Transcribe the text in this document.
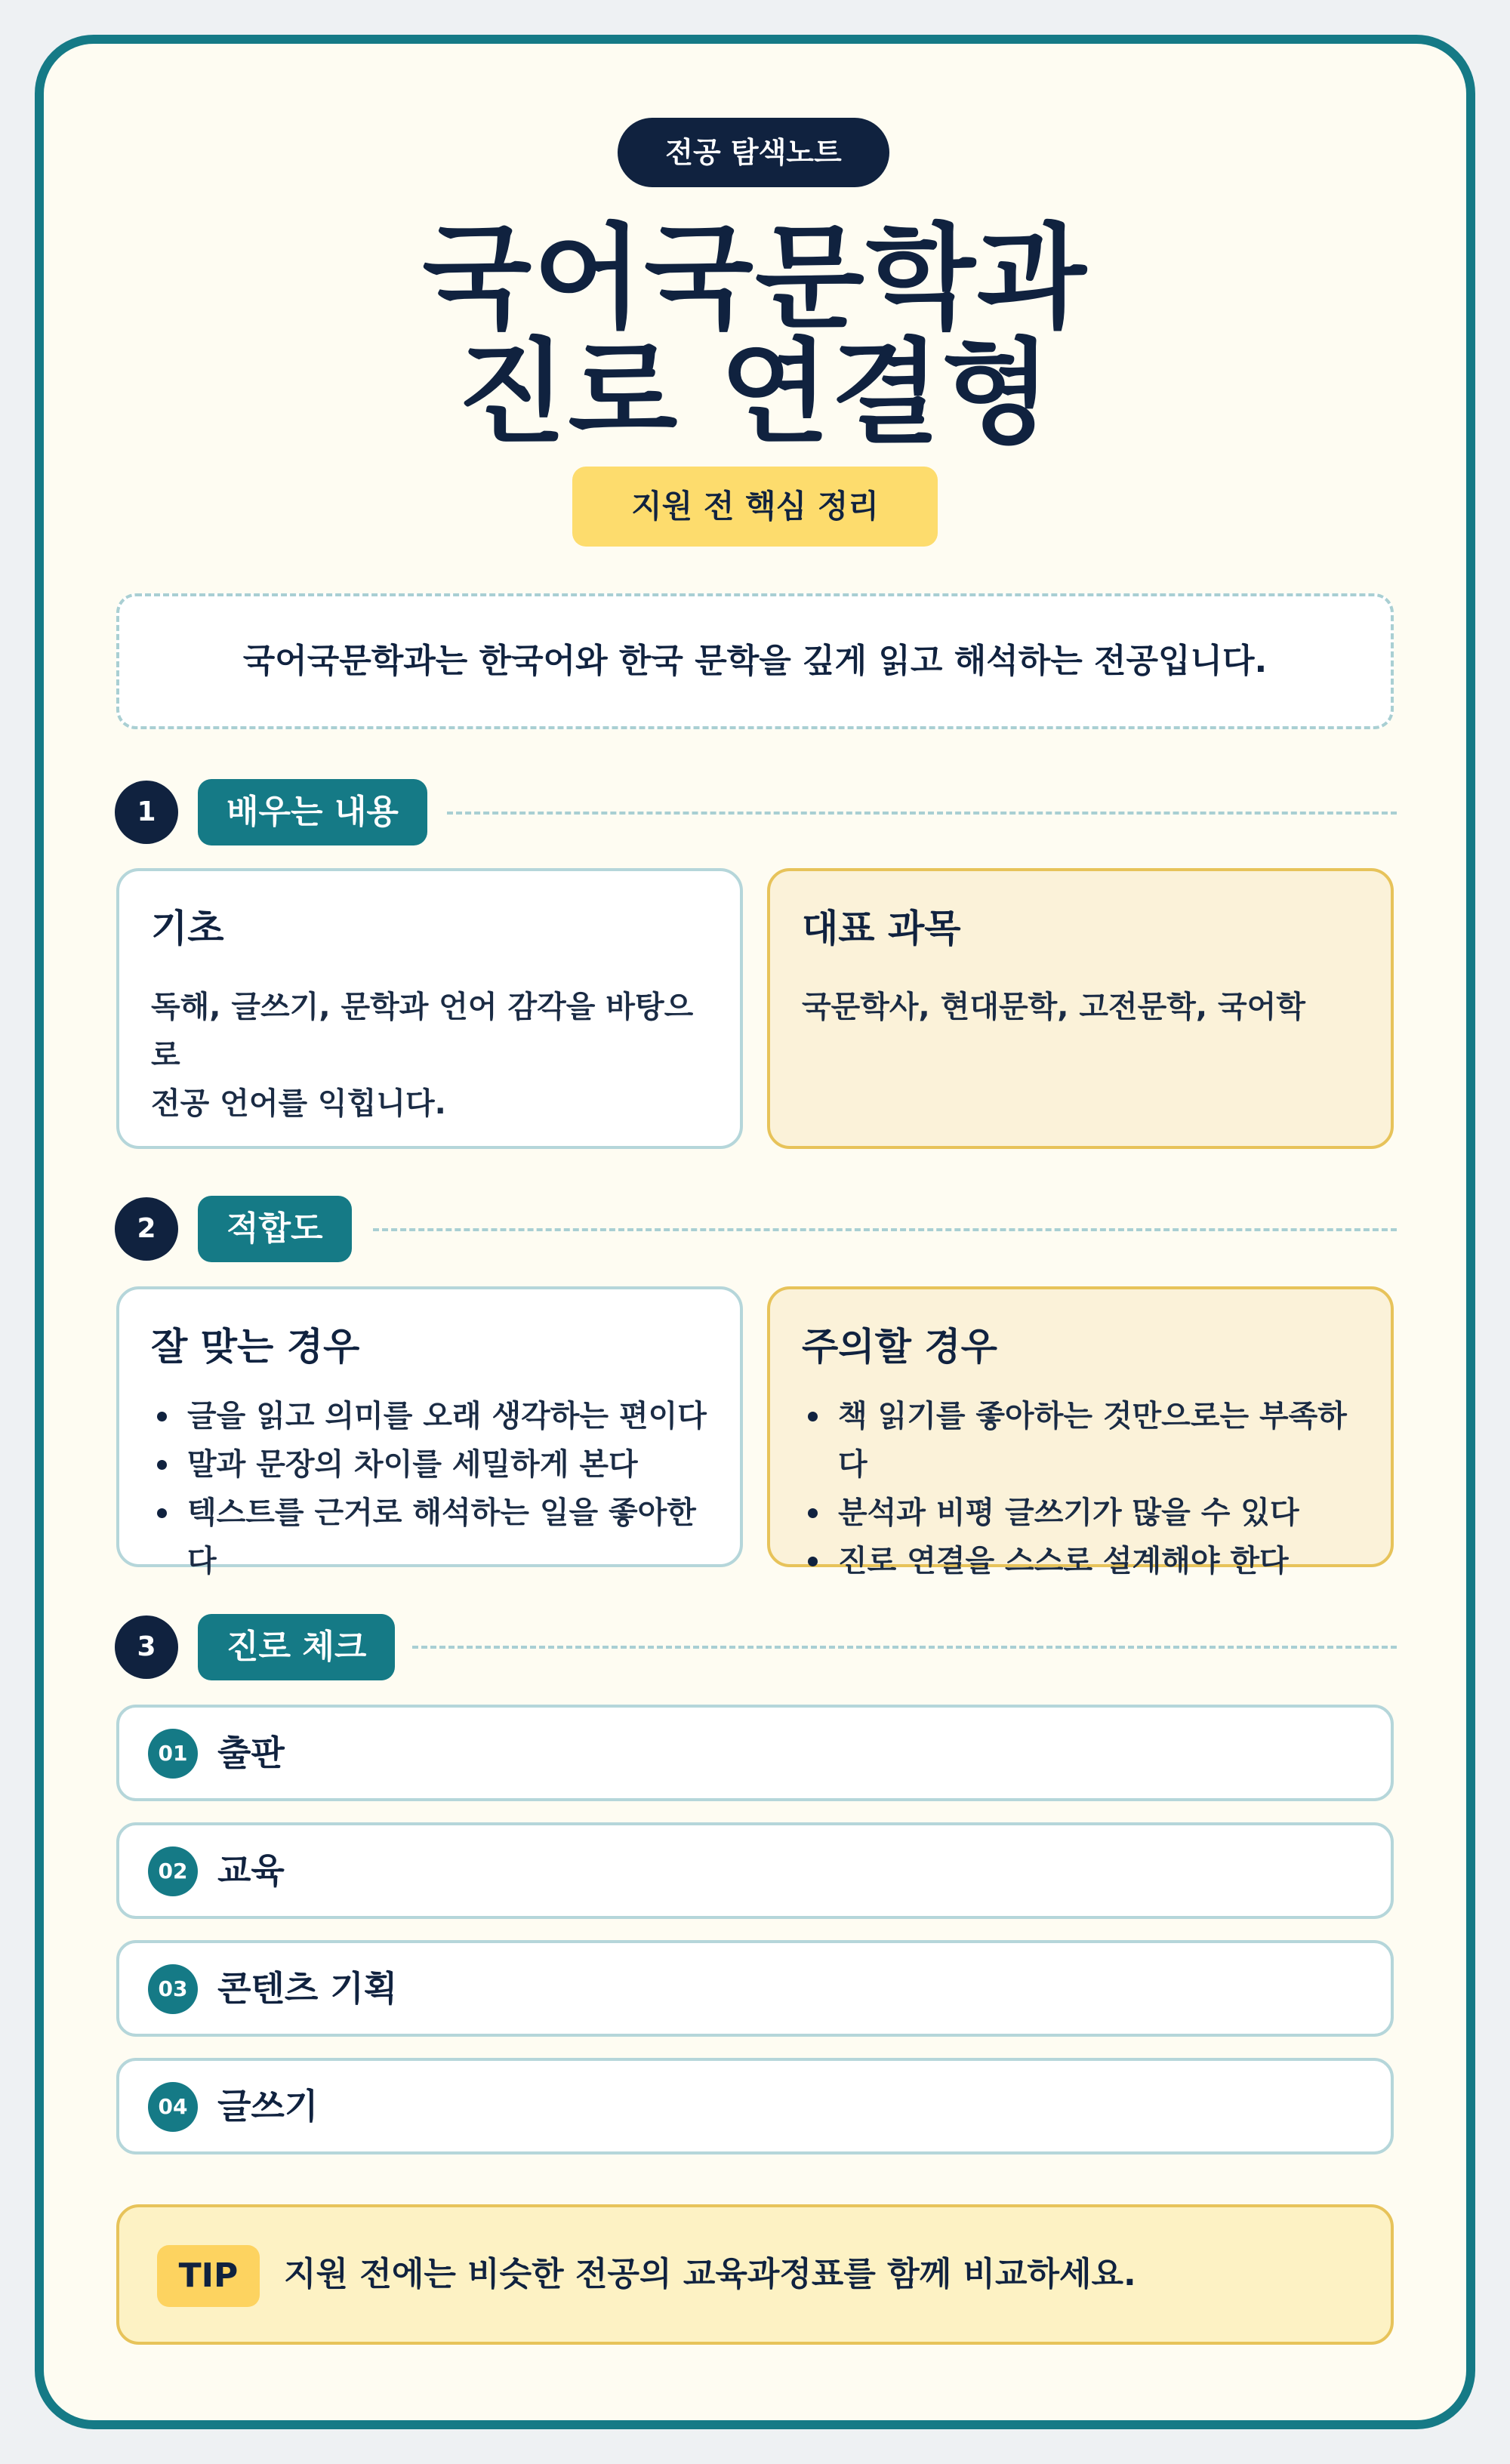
전공 탐색노트
국어국문학과
진로 연결형
지원 전 핵심 정리
국어국문학과는 한국어와 한국 문학을 깊게 읽고 해석하는 전공입니다.
1	배우는 내용
기초
독해, 글쓰기, 문학과 언어 감각을 바탕으로
전공 언어를 익힙니다.
대표 과목
국문학사, 현대문학, 고전문학, 국어학
2	적합도
잘 맞는 경우
글을 읽고 의미를 오래 생각하는 편이다
말과 문장의 차이를 세밀하게 본다
텍스트를 근거로 해석하는 일을 좋아한다
주의할 경우
책 읽기를 좋아하는 것만으로는 부족하다
분석과 비평 글쓰기가 많을 수 있다
진로 연결을 스스로 설계해야 한다
3	진로 체크
01 출판
02 교육
03 콘텐츠 기획
04 글쓰기
TIP	지원 전에는 비슷한 전공의 교육과정표를 함께 비교하세요.
